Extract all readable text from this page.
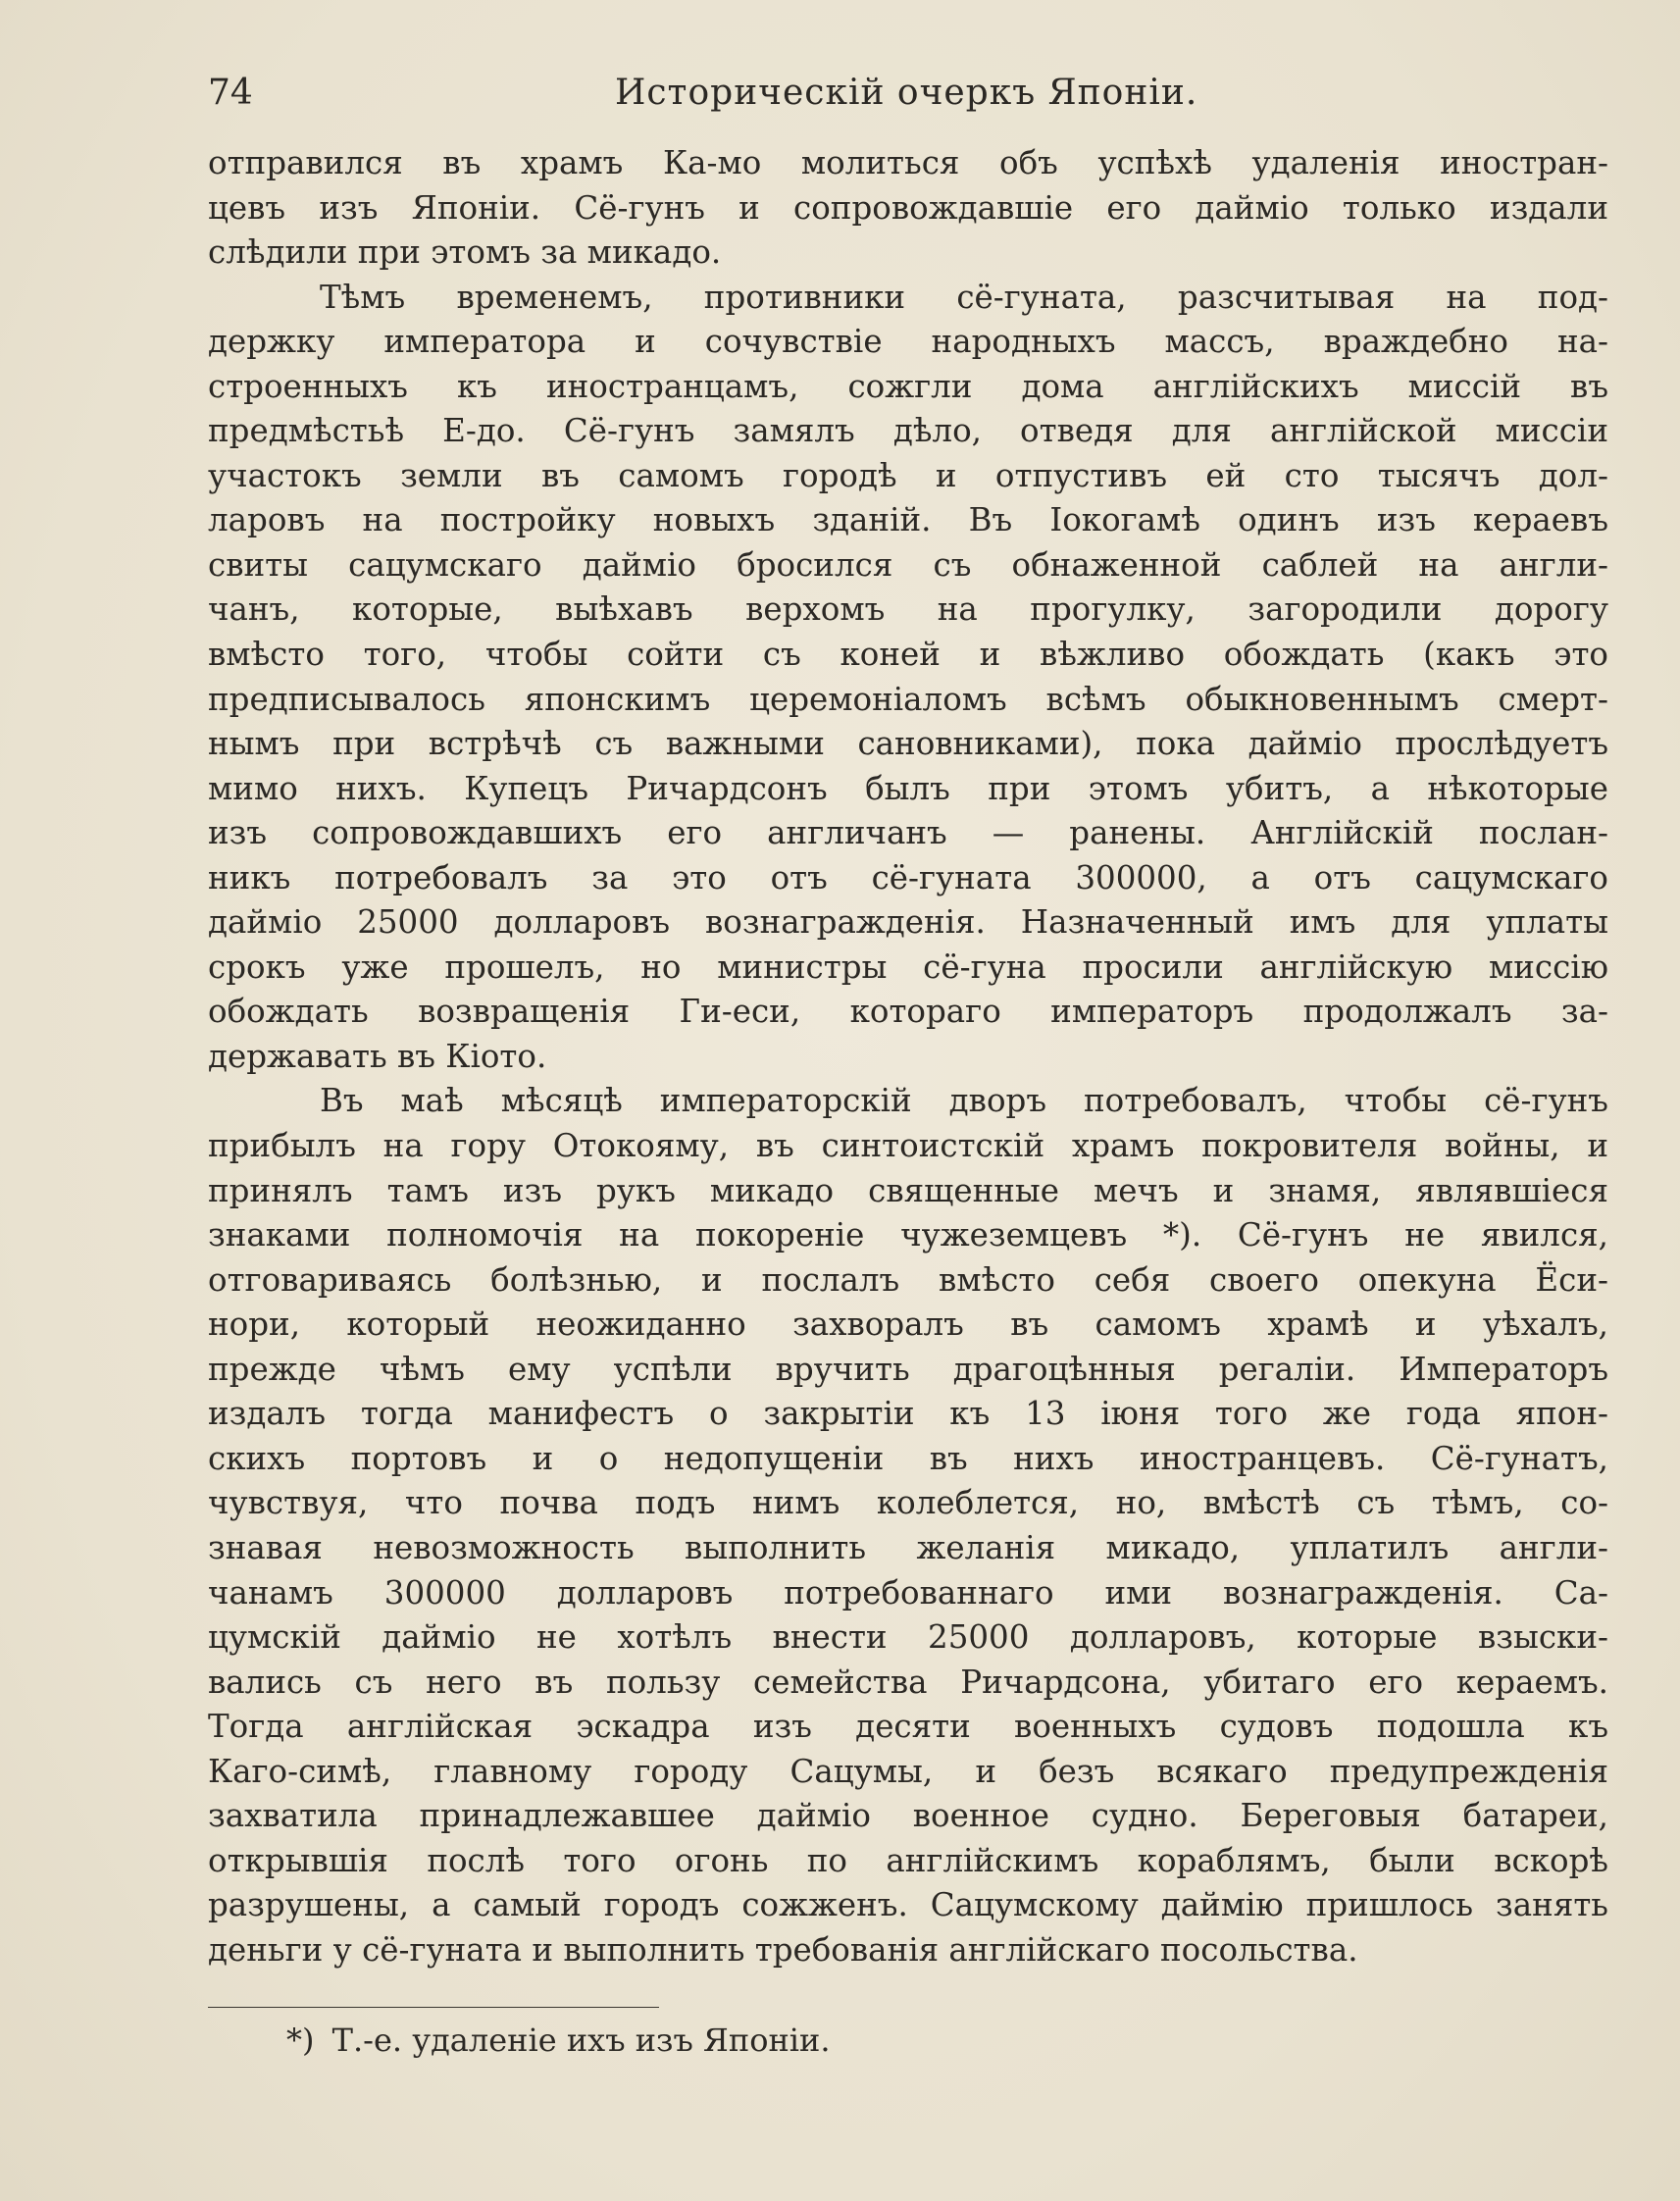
74	Историческій очеркъ Японіи.
отправился въ храмъ Ка-мо молиться объ успѣхѣ удаленія иностран-
цевъ изъ Японіи. Сё-гунъ и сопровождавшіе его дайміо только издали
слѣдили при этомъ за микадо.
Тѣмъ временемъ, противники сё-гуната, разсчитывая на под-
держку императора и сочувствіе народныхъ массъ, враждебно на-
строенныхъ къ иностранцамъ, сожгли дома англійскихъ миссій въ
предмѣстьѣ Е-до. Сё-гунъ замялъ дѣло, отведя для англійской миссіи
участокъ земли въ самомъ городѣ и отпустивъ ей сто тысячъ дол-
ларовъ на постройку новыхъ зданій. Въ Іокогамѣ одинъ изъ кераевъ
свиты сацумскаго дайміо бросился съ обнаженной саблей на англи-
чанъ, которые, выѣхавъ верхомъ на прогулку, загородили дорогу
вмѣсто того, чтобы сойти съ коней и вѣжливо обождать (какъ это
предписывалось японскимъ церемоніаломъ всѣмъ обыкновеннымъ смерт-
нымъ при встрѣчѣ съ важными сановниками), пока дайміо прослѣдуетъ
мимо нихъ. Купецъ Ричардсонъ былъ при этомъ убитъ, а нѣкоторые
изъ сопровождавшихъ его англичанъ — ранены. Англійскій послан-
никъ потребовалъ за это отъ сё-гуната 300000, а отъ сацумскаго
дайміо 25000 долларовъ вознагражденія. Назначенный имъ для уплаты
срокъ уже прошелъ, но министры сё-гуна просили англійскую миссію
обождать возвращенія Ги-еси, котораго императоръ продолжалъ за-
державать въ Кіото.
Въ маѣ мѣсяцѣ императорскій дворъ потребовалъ, чтобы сё-гунъ
прибылъ на гору Отокояму, въ синтоистскій храмъ покровителя войны, и
принялъ тамъ изъ рукъ микадо священные мечъ и знамя, являвшіеся
знаками полномочія на покореніе чужеземцевъ *). Сё-гунъ не явился,
отговариваясь болѣзнью, и послалъ вмѣсто себя своего опекуна Ёси-
нори, который неожиданно захворалъ въ самомъ храмѣ и уѣхалъ,
прежде чѣмъ ему успѣли вручить драгоцѣнныя регаліи. Императоръ
издалъ тогда манифестъ о закрытіи къ 13 іюня того же года япон-
скихъ портовъ и о недопущеніи въ нихъ иностранцевъ. Сё-гунатъ,
чувствуя, что почва подъ нимъ колеблется, но, вмѣстѣ съ тѣмъ, со-
знавая невозможность выполнить желанія микадо, уплатилъ англи-
чанамъ 300000 долларовъ потребованнаго ими вознагражденія. Са-
цумскій дайміо не хотѣлъ внести 25000 долларовъ, которые взыски-
вались съ него въ пользу семейства Ричардсона, убитаго его кераемъ.
Тогда англійская эскадра изъ десяти военныхъ судовъ подошла къ
Каго-симѣ, главному городу Сацумы, и безъ всякаго предупрежденія
захватила принадлежавшее дайміо военное судно. Береговыя батареи,
открывшія послѣ того огонь по англійскимъ кораблямъ, были вскорѣ
разрушены, а самый городъ сожженъ. Сацумскому даймію пришлось занять
деньги у сё-гуната и выполнить требованія англійскаго посольства.
*) Т.-е. удаленіе ихъ изъ Японіи.
